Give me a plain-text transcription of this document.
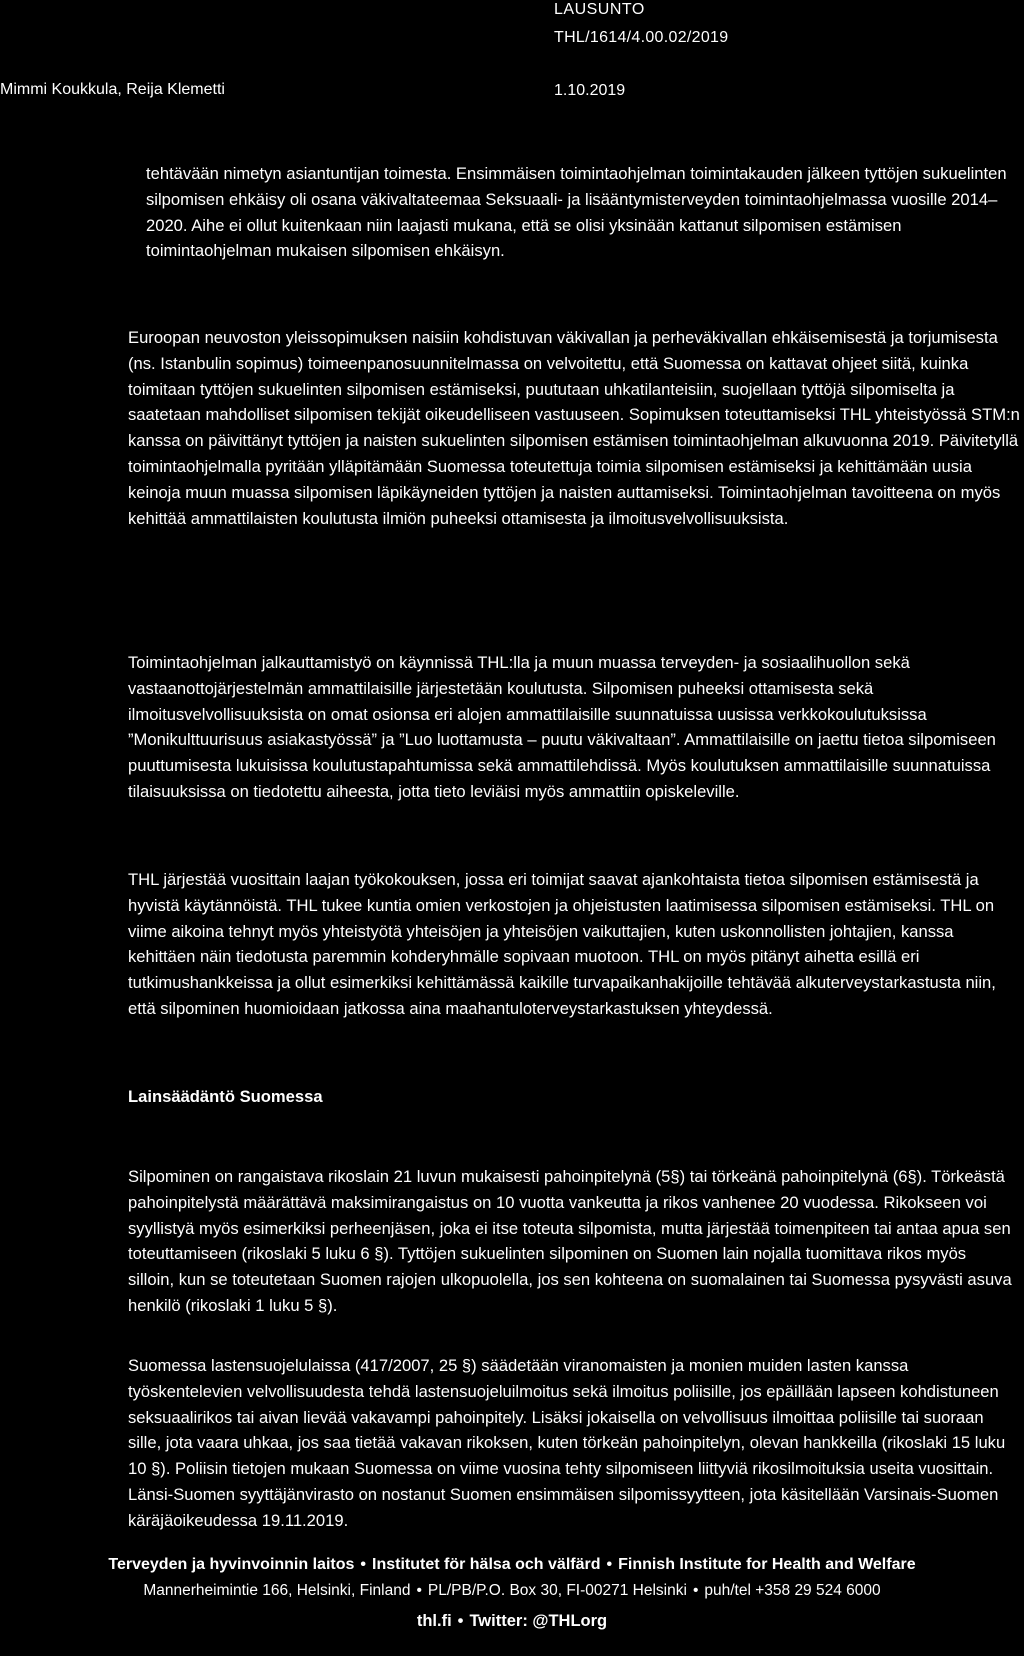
LAUSUNTO
THL/1614/4.00.02/2019
Mimmi Koukkula, Reija Klemetti	1.10.2019

tehtävään nimetyn asiantuntijan toimesta. Ensimmäisen toimintaohjelman toimintakauden jälkeen tyttöjen sukuelinten silpomisen ehkäisy oli osana väkivaltateemaa Seksuaali- ja lisääntymisterveyden toimintaohjelmassa vuosille 2014–2020. Aihe ei ollut kuitenkaan niin laajasti mukana, että se olisi yksinään kattanut silpomisen estämisen toimintaohjelman mukaisen silpomisen ehkäisyn.

Euroopan neuvoston yleissopimuksen naisiin kohdistuvan väkivallan ja perheväkivallan ehkäisemisestä ja torjumisesta (ns. Istanbulin sopimus) toimeenpanosuunnitelmassa on velvoitettu, että Suomessa on kattavat ohjeet siitä, kuinka toimitaan tyttöjen sukuelinten silpomisen estämiseksi, puututaan uhkatilanteisiin, suojellaan tyttöjä silpomiselta ja saatetaan mahdolliset silpomisen tekijät oikeudelliseen vastuuseen. Sopimuksen toteuttamiseksi THL yhteistyössä STM:n kanssa on päivittänyt tyttöjen ja naisten sukuelinten silpomisen estämisen toimintaohjelman alkuvuonna 2019. Päivitetyllä toimintaohjelmalla pyritään ylläpitämään Suomessa toteutettuja toimia silpomisen estämiseksi ja kehittämään uusia keinoja muun muassa silpomisen läpikäyneiden tyttöjen ja naisten auttamiseksi. Toimintaohjelman tavoitteena on myös kehittää ammattilaisten koulutusta ilmiön puheeksi ottamisesta ja ilmoitusvelvollisuuksista.

Toimintaohjelman jalkauttamistyö on käynnissä THL:lla ja muun muassa terveyden- ja sosiaalihuollon sekä vastaanottojärjestelmän ammattilaisille järjestetään koulutusta. Silpomisen puheeksi ottamisesta sekä ilmoitusvelvollisuuksista on omat osionsa eri alojen ammattilaisille suunnatuissa uusissa verkkokoulutuksissa ”Monikulttuurisuus asiakastyössä” ja ”Luo luottamusta – puutu väkivaltaan”. Ammattilaisille on jaettu tietoa silpomiseen puuttumisesta lukuisissa koulutustapahtumissa sekä ammattilehdissä. Myös koulutuksen ammattilaisille suunnatuissa tilaisuuksissa on tiedotettu aiheesta, jotta tieto leviäisi myös ammattiin opiskeleville.

THL järjestää vuosittain laajan työkokouksen, jossa eri toimijat saavat ajankohtaista tietoa silpomisen estämisestä ja hyvistä käytännöistä. THL tukee kuntia omien verkostojen ja ohjeistusten laatimisessa silpomisen estämiseksi. THL on viime aikoina tehnyt myös yhteistyötä yhteisöjen ja yhteisöjen vaikuttajien, kuten uskonnollisten johtajien, kanssa kehittäen näin tiedotusta paremmin kohderyhmälle sopivaan muotoon. THL on myös pitänyt aihetta esillä eri tutkimushankkeissa ja ollut esimerkiksi kehittämässä kaikille turvapaikanhakijoille tehtävää alkuterveystarkastusta niin, että silpominen huomioidaan jatkossa aina maahantuloterveystarkastuksen yhteydessä.

Lainsäädäntö Suomessa

Silpominen on rangaistava rikoslain 21 luvun mukaisesti pahoinpitelynä (5§) tai törkeänä pahoinpitelynä (6§). Törkeästä pahoinpitelystä määrättävä maksimirangaistus on 10 vuotta vankeutta ja rikos vanhenee 20 vuodessa. Rikokseen voi syyllistyä myös esimerkiksi perheenjäsen, joka ei itse toteuta silpomista, mutta järjestää toimenpiteen tai antaa apua sen toteuttamiseen (rikoslaki 5 luku 6 §). Tyttöjen sukuelinten silpominen on Suomen lain nojalla tuomittava rikos myös silloin, kun se toteutetaan Suomen rajojen ulkopuolella, jos sen kohteena on suomalainen tai Suomessa pysyvästi asuva henkilö (rikoslaki 1 luku 5 §).

Suomessa lastensuojelulaissa (417/2007, 25 §) säädetään viranomaisten ja monien muiden lasten kanssa työskentelevien velvollisuudesta tehdä lastensuojeluilmoitus sekä ilmoitus poliisille, jos epäillään lapseen kohdistuneen seksuaalirikos tai aivan lievää vakavampi pahoinpitely. Lisäksi jokaisella on velvollisuus ilmoittaa poliisille tai suoraan sille, jota vaara uhkaa, jos saa tietää vakavan rikoksen, kuten törkeän pahoinpitelyn, olevan hankkeilla (rikoslaki 15 luku 10 §). Poliisin tietojen mukaan Suomessa on viime vuosina tehty silpomiseen liittyviä rikosilmoituksia useita vuosittain. Länsi-Suomen syyttäjänvirasto on nostanut Suomen ensimmäisen silpomissyytteen, jota käsitellään Varsinais-Suomen käräjäoikeudessa 19.11.2019.

Terveyden ja hyvinvoinnin laitos • Institutet för hälsa och välfärd • Finnish Institute for Health and Welfare
Mannerheimintie 166, Helsinki, Finland • PL/PB/P.O. Box 30, FI-00271 Helsinki • puh/tel +358 29 524 6000
thl.fi • Twitter: @THLorg
